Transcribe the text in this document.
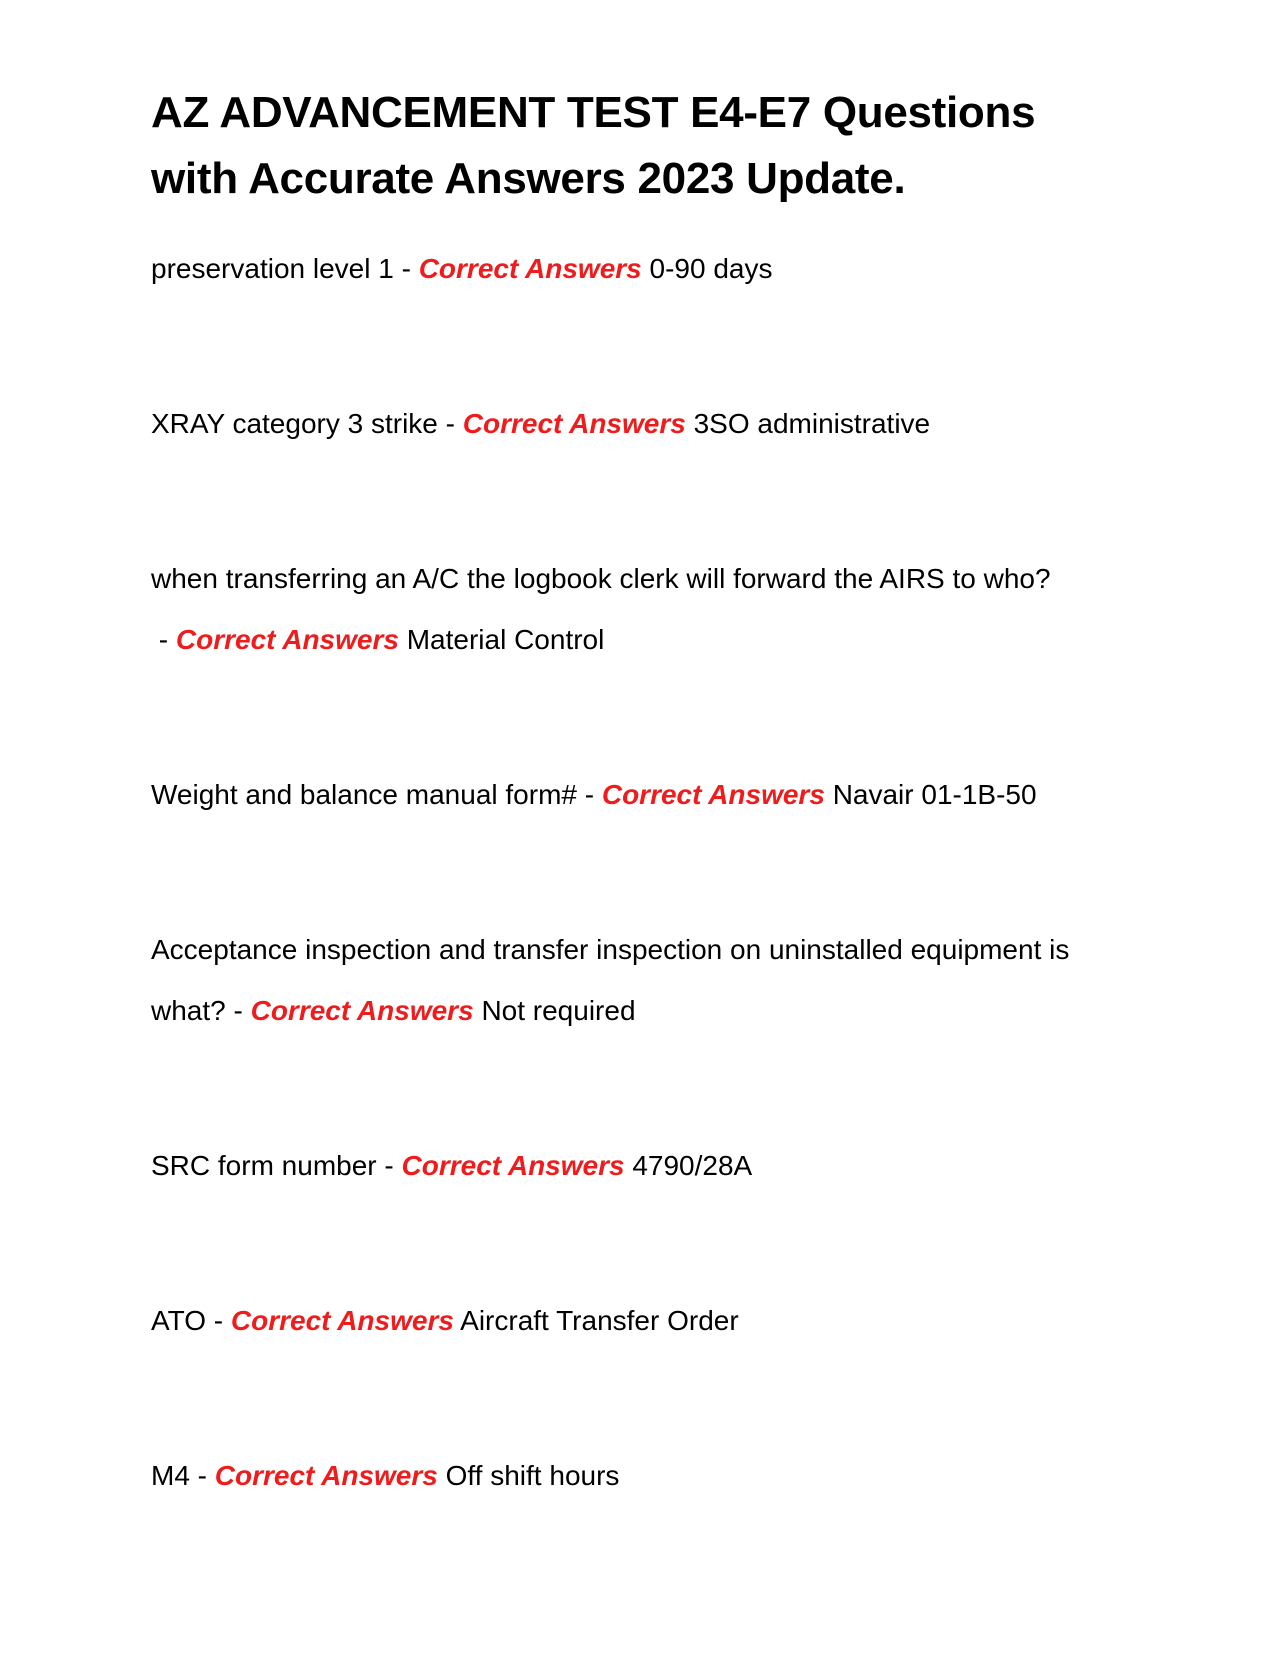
AZ ADVANCEMENT TEST E4-E7 Questions with Accurate Answers 2023 Update.

preservation level 1 - Correct Answers 0-90 days

XRAY category 3 strike - Correct Answers 3SO administrative

when transferring an A/C the logbook clerk will forward the AIRS to who? - Correct Answers Material Control

Weight and balance manual form# - Correct Answers Navair 01-1B-50

Acceptance inspection and transfer inspection on uninstalled equipment is what? - Correct Answers Not required

SRC form number - Correct Answers 4790/28A

ATO - Correct Answers Aircraft Transfer Order

M4 - Correct Answers Off shift hours
